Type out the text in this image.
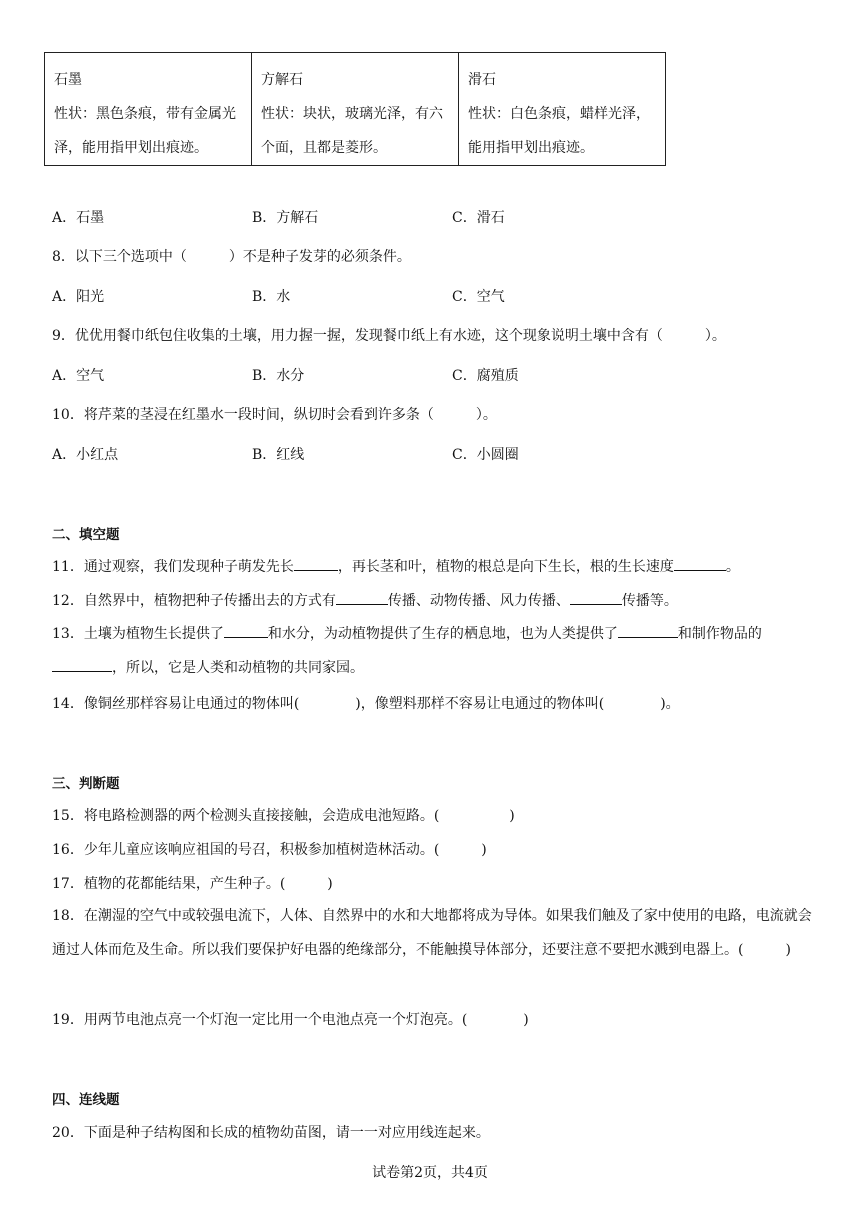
石墨
性状：黑色条痕，带有金属光泽，能用指甲划出痕迹。

方解石
性状：块状，玻璃光泽，有六个面，且都是菱形。

滑石
性状：白色条痕，蜡样光泽，能用指甲划出痕迹。
A．石墨	B．方解石	C．滑石
8．以下三个选项中（　　　）不是种子发芽的必须条件。
A．阳光	B．水	C．空气
9．优优用餐巾纸包住收集的土壤，用力握一握，发现餐巾纸上有水迹，这个现象说明土壤中含有（　　　）。
A．空气	B．水分	C．腐殖质
10．将芹菜的茎浸在红墨水一段时间，纵切时会看到许多条（　　　）。
A．小红点	B．红线	C．小圆圈
二、填空题
11．通过观察，我们发现种子萌发先长	，再长茎和叶，植物的根总是向下生长，根的生长速度	。
12．自然界中，植物把种子传播出去的方式有	传播、动物传播、风力传播、	传播等。
13．土壤为植物生长提供了	和水分，为动植物提供了生存的栖息地，也为人类提供了	和制作物品的 ，所以，它是人类和动植物的共同家园。
14．像铜丝那样容易让电通过的物体叫(　　　　)，像塑料那样不容易让电通过的物体叫(　　　　)。
三、判断题
15．将电路检测器的两个检测头直接接触，会造成电池短路。(　　　　　)
16．少年儿童应该响应祖国的号召，积极参加植树造林活动。(　　　)
17．植物的花都能结果，产生种子。(　　　)
18．在潮湿的空气中或较强电流下，人体、自然界中的水和大地都将成为导体。如果我们触及了家中使用的电路，电流就会通过人体而危及生命。所以我们要保护好电器的绝缘部分，不能触摸导体部分，还要注意不要把水溅到电器上。(　　　)
19．用两节电池点亮一个灯泡一定比用一个电池点亮一个灯泡亮。(　　　　)
四、连线题
20．下面是种子结构图和长成的植物幼苗图，请一一对应用线连起来。
试卷第2页，共4页
